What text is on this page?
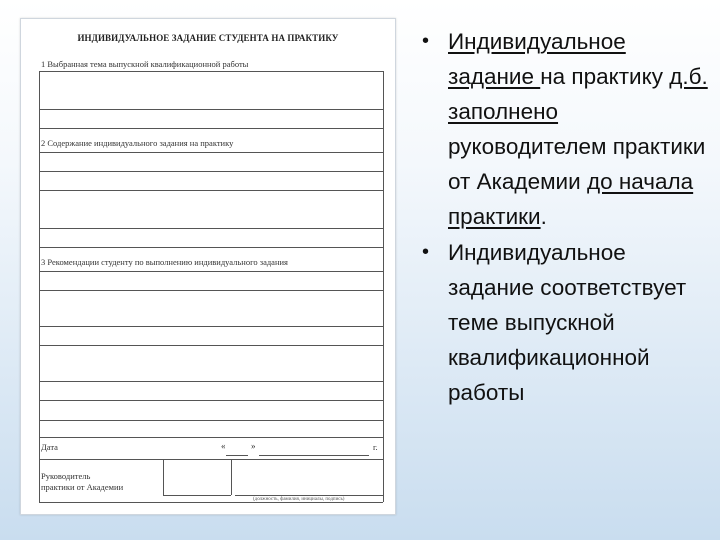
ИНДИВИДУАЛЬНОЕ ЗАДАНИЕ СТУДЕНТА НА ПРАКТИКУ
1 Выбранная тема выпускной квалификационной работы
2 Содержание индивидуального задания на практику
3 Рекомендации студенту по выполнению индивидуального задания
Дата	«	»	г.
Руководитель
практики от Академии
(должность, фамилия, инициалы, подпись)
• Индивидуальное задание на практику д.б. заполнено руководителем практики от Академии до начала практики.
• Индивидуальное задание соответствует теме выпускной квалификационной работы
